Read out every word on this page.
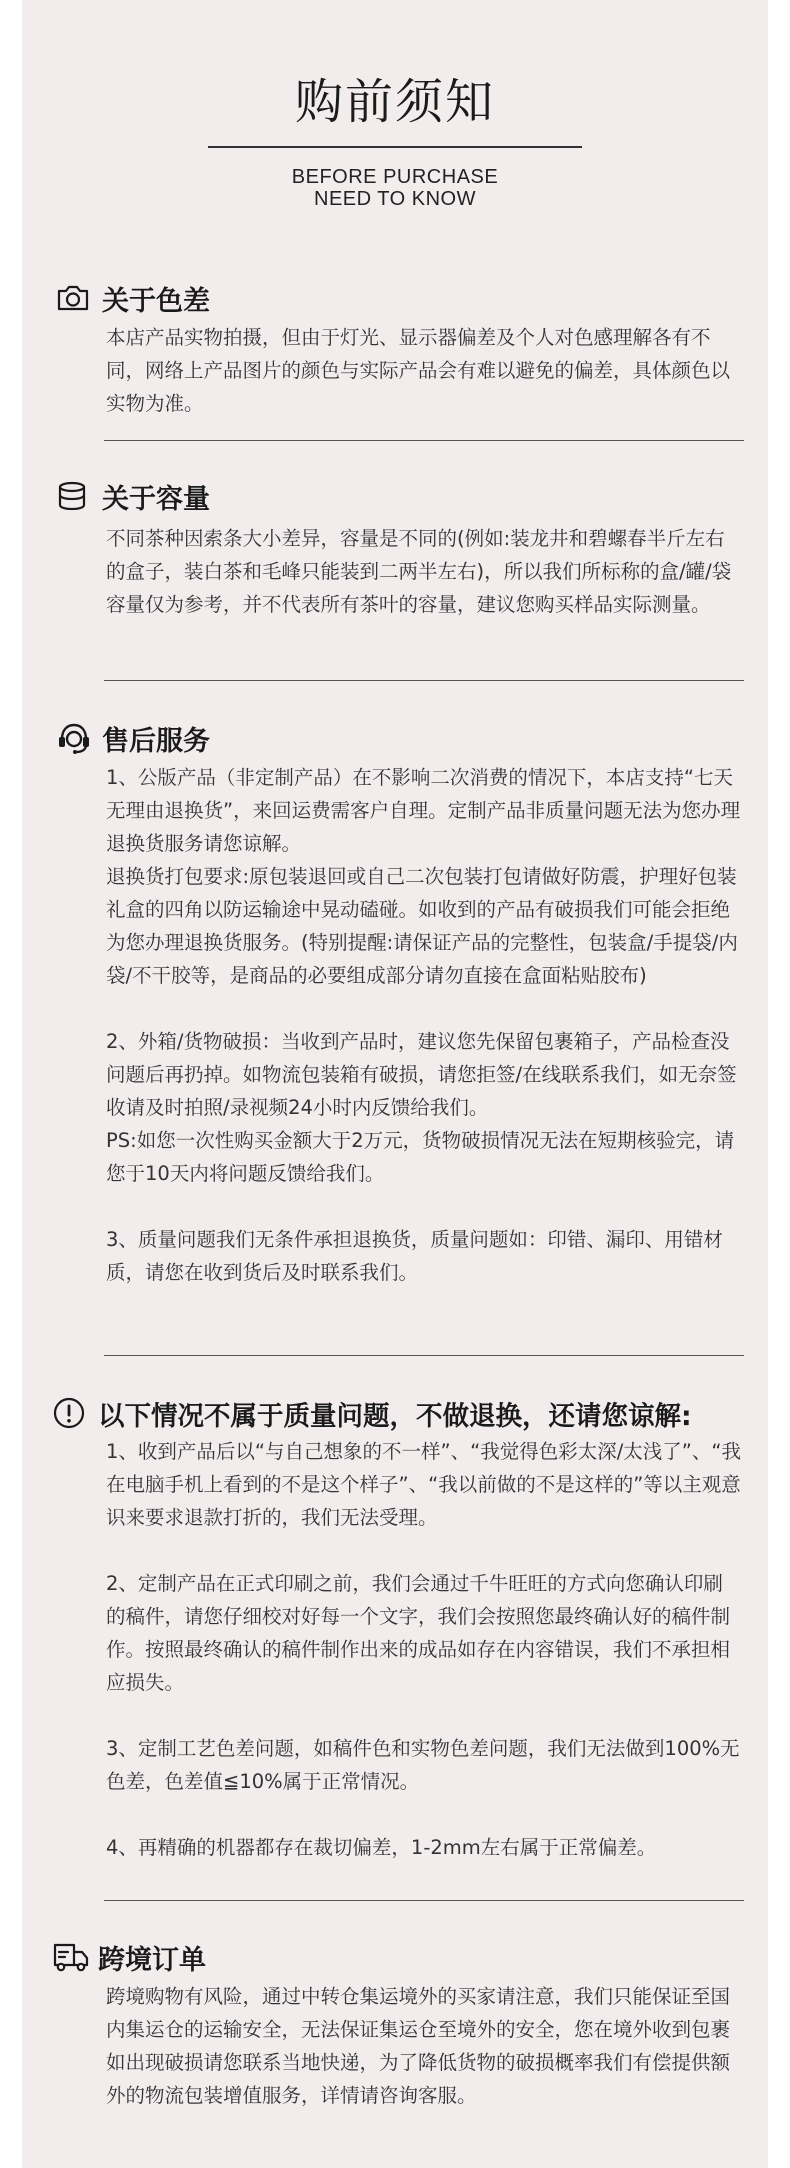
购前须知
BEFORE PURCHASE
NEED TO KNOW
关于色差

本店产品实物拍摄，但由于灯光、显示器偏差及个人对色感理解各有不同，网络上产品图片的颜色与实际产品会有难以避免的偏差，具体颜色以实物为准。

关于容量

不同茶种因索条大小差异，容量是不同的(例如:装龙井和碧螺春半斤左右的盒子，装白茶和毛峰只能装到二两半左右)，所以我们所标称的盒/罐/袋容量仅为参考，并不代表所有茶叶的容量，建议您购买样品实际测量。

售后服务

1、公版产品（非定制产品）在不影响二次消费的情况下，本店支持“七天无理由退换货”，来回运费需客户自理。定制产品非质量问题无法为您办理退换货服务请您谅解。

退换货打包要求:原包装退回或自己二次包装打包请做好防震，护理好包装礼盒的四角以防运输途中晃动磕碰。如收到的产品有破损我们可能会拒绝为您办理退换货服务。(特别提醒:请保证产品的完整性，包装盒/手提袋/内袋/不干胶等，是商品的必要组成部分请勿直接在盒面粘贴胶布)

2、外箱/货物破损：当收到产品时，建议您先保留包裹箱子，产品检查没问题后再扔掉。如物流包装箱有破损，请您拒签/在线联系我们，如无奈签收请及时拍照/录视频24小时内反馈给我们。

PS:如您一次性购买金额大于2万元，货物破损情况无法在短期核验完，请您于10天内将问题反馈给我们。

3、质量问题我们无条件承担退换货，质量问题如：印错、漏印、用错材质，请您在收到货后及时联系我们。

以下情况不属于质量问题，不做退换，还请您谅解:

1、收到产品后以“与自己想象的不一样”、“我觉得色彩太深/太浅了”、“我在电脑手机上看到的不是这个样子”、“我以前做的不是这样的”等以主观意识来要求退款打折的，我们无法受理。

2、定制产品在正式印刷之前，我们会通过千牛旺旺的方式向您确认印刷的稿件，请您仔细校对好每一个文字，我们会按照您最终确认好的稿件制作。按照最终确认的稿件制作出来的成品如存在内容错误，我们不承担相应损失。

3、定制工艺色差问题，如稿件色和实物色差问题，我们无法做到100%无色差，色差值≦10%属于正常情况。

4、再精确的机器都存在裁切偏差，1-2mm左右属于正常偏差。

跨境订单

跨境购物有风险，通过中转仓集运境外的买家请注意，我们只能保证至国内集运仓的运输安全，无法保证集运仓至境外的安全，您在境外收到包裹如出现破损请您联系当地快递，为了降低货物的破损概率我们有偿提供额外的物流包装增值服务，详情请咨询客服。
